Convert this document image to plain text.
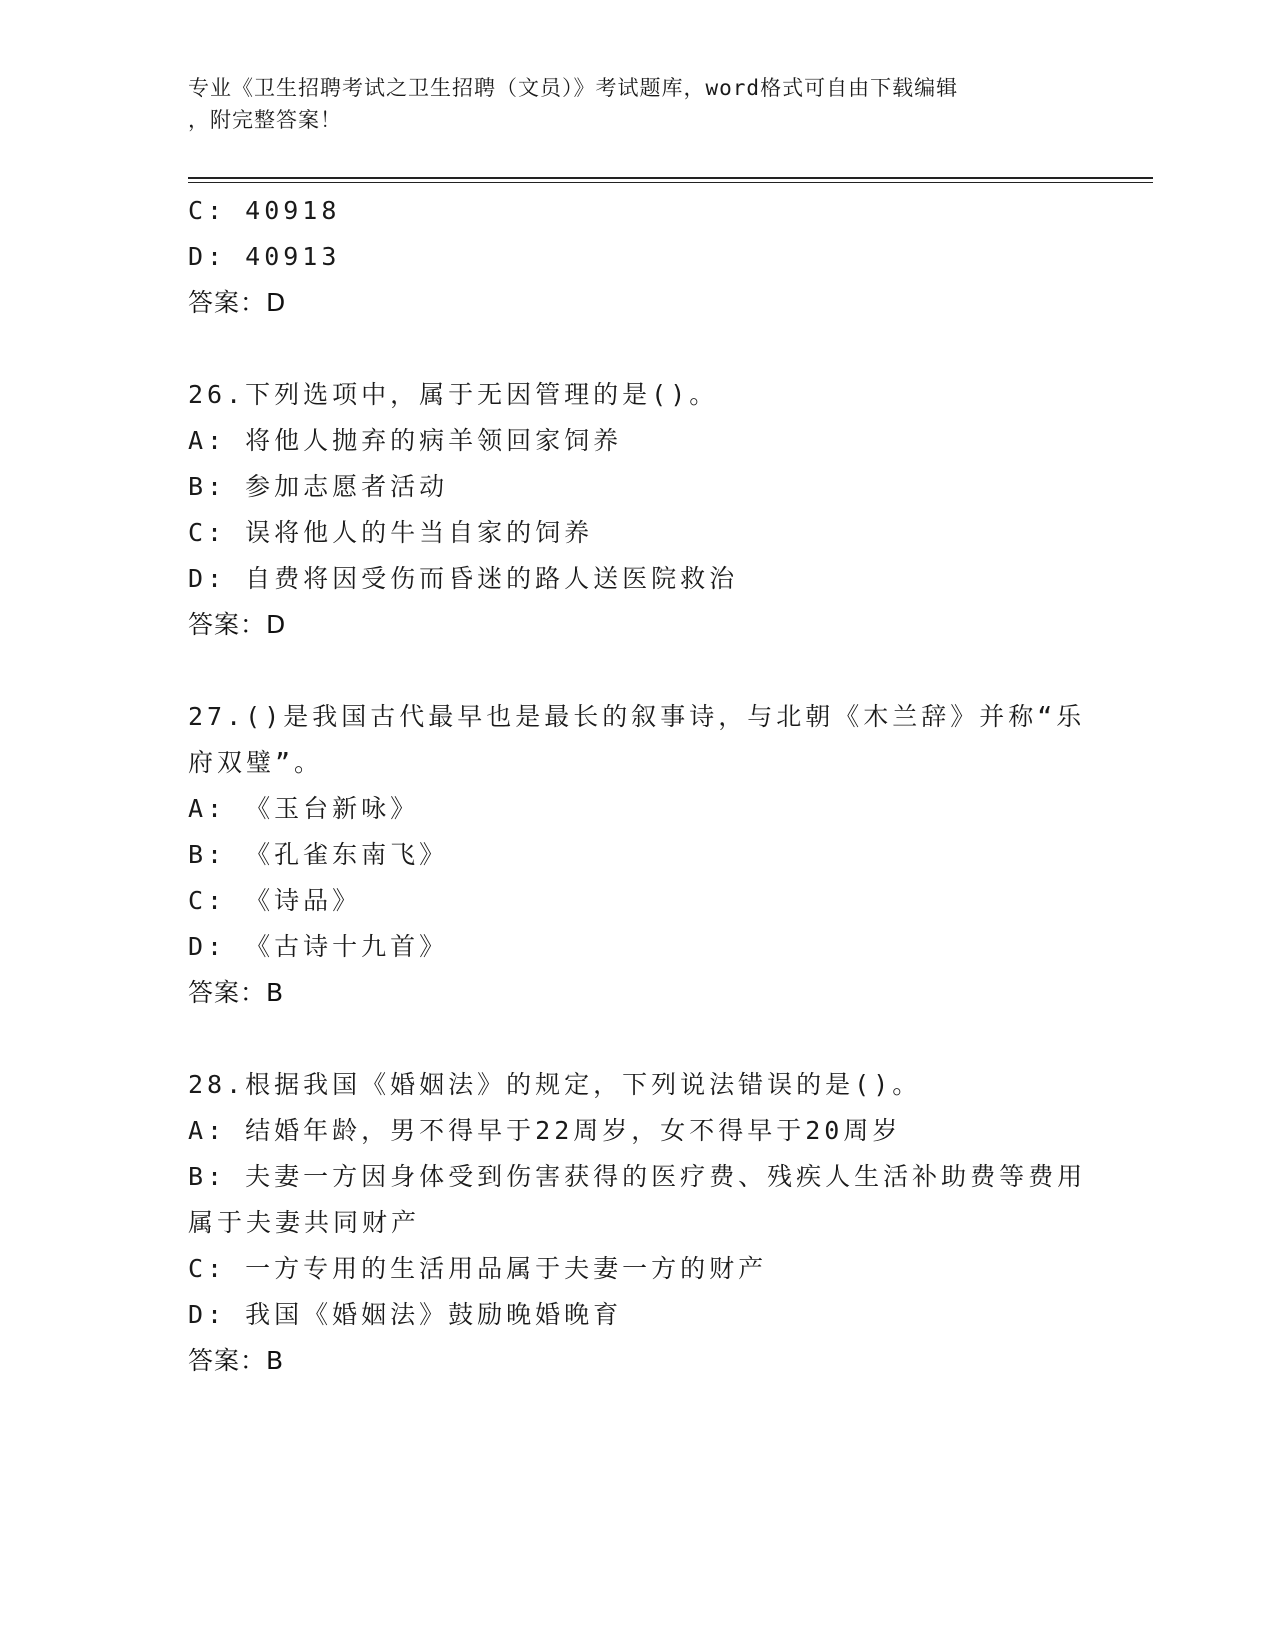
专业《卫生招聘考试之卫生招聘（文员）》考试题库，word格式可自由下载编辑
，附完整答案！
C: 40918
D: 40913
答案：D
26.下列选项中，属于无因管理的是()。
A: 将他人抛弃的病羊领回家饲养
B: 参加志愿者活动
C: 误将他人的牛当自家的饲养
D: 自费将因受伤而昏迷的路人送医院救治
答案：D
27.()是我国古代最早也是最长的叙事诗，与北朝《木兰辞》并称“乐
府双璧”。
A: 《玉台新咏》
B: 《孔雀东南飞》
C: 《诗品》
D: 《古诗十九首》
答案：B
28.根据我国《婚姻法》的规定，下列说法错误的是()。
A: 结婚年龄，男不得早于22周岁，女不得早于20周岁
B: 夫妻一方因身体受到伤害获得的医疗费、残疾人生活补助费等费用
属于夫妻共同财产
C: 一方专用的生活用品属于夫妻一方的财产
D: 我国《婚姻法》鼓励晚婚晚育
答案：B
